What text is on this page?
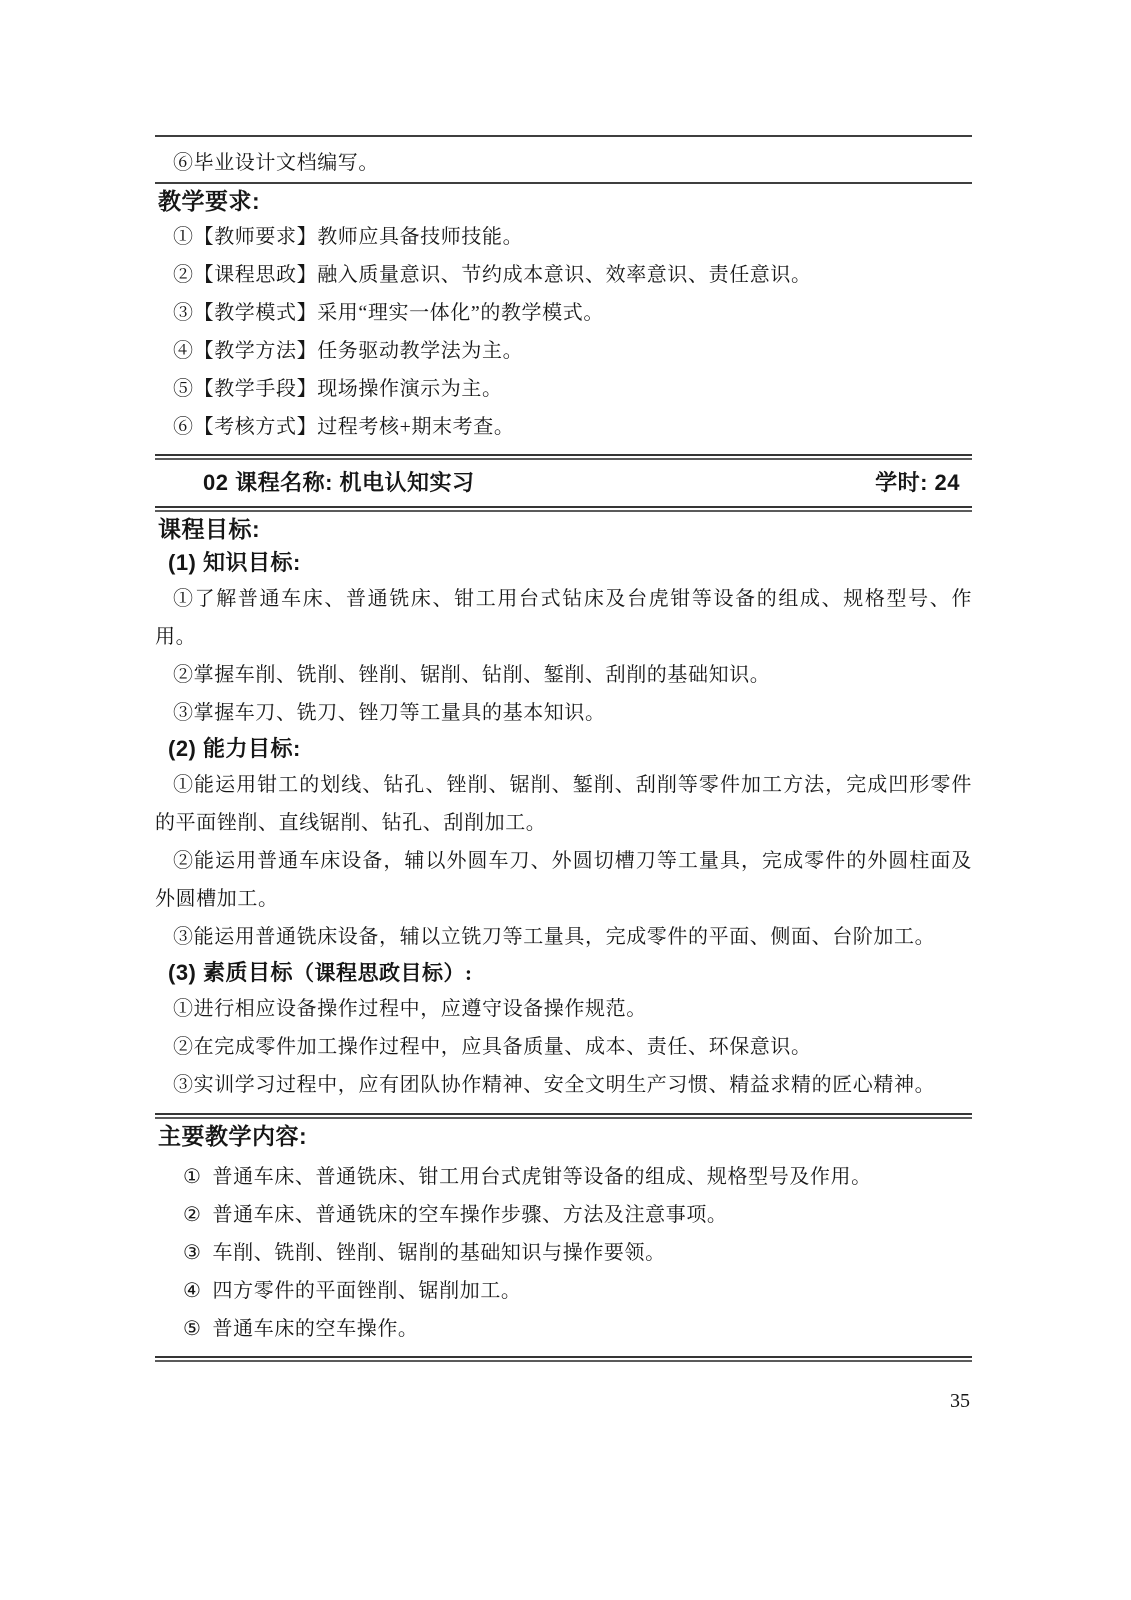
⑥毕业设计文档编写。

教学要求:

①【教师要求】教师应具备技师技能。

②【课程思政】融入质量意识、节约成本意识、效率意识、责任意识。

③【教学模式】采用“理实一体化”的教学模式。

④【教学方法】任务驱动教学法为主。

⑤【教学手段】现场操作演示为主。

⑥【考核方式】过程考核+期末考查。

02 课程名称: 机电认知实习	学时: 24
课程目标:
(1) 知识目标:

①了解普通车床、普通铣床、钳工用台式钻床及台虎钳等设备的组成、规格型号、作用。

②掌握车削、铣削、锉削、锯削、钻削、錾削、刮削的基础知识。

③掌握车刀、铣刀、锉刀等工量具的基本知识。

(2) 能力目标:

①能运用钳工的划线、钻孔、锉削、锯削、錾削、刮削等零件加工方法，完成凹形零件的平面锉削、直线锯削、钻孔、刮削加工。

②能运用普通车床设备，辅以外圆车刀、外圆切槽刀等工量具，完成零件的外圆柱面及外圆槽加工。

③能运用普通铣床设备，辅以立铣刀等工量具，完成零件的平面、侧面、台阶加工。

(3) 素质目标（课程思政目标）:

①进行相应设备操作过程中，应遵守设备操作规范。

②在完成零件加工操作过程中，应具备质量、成本、责任、环保意识。

③实训学习过程中，应有团队协作精神、安全文明生产习惯、精益求精的匠心精神。

主要教学内容:
① 普通车床、普通铣床、钳工用台式虎钳等设备的组成、规格型号及作用。
② 普通车床、普通铣床的空车操作步骤、方法及注意事项。
③ 车削、铣削、锉削、锯削的基础知识与操作要领。
④ 四方零件的平面锉削、锯削加工。
⑤ 普通车床的空车操作。
35
